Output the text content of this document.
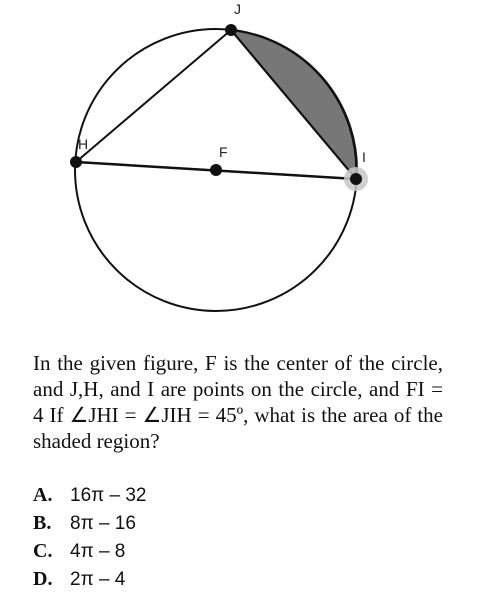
J
H	F	I

In the given figure, F is the center of the circle, and J,H, and I are points on the circle, and FI = 4 If ∠JHI = ∠JIH = 45º, what is the area of the shaded region?

A. 16π – 32
B. 8π – 16
C. 4π – 8
D. 2π – 4
